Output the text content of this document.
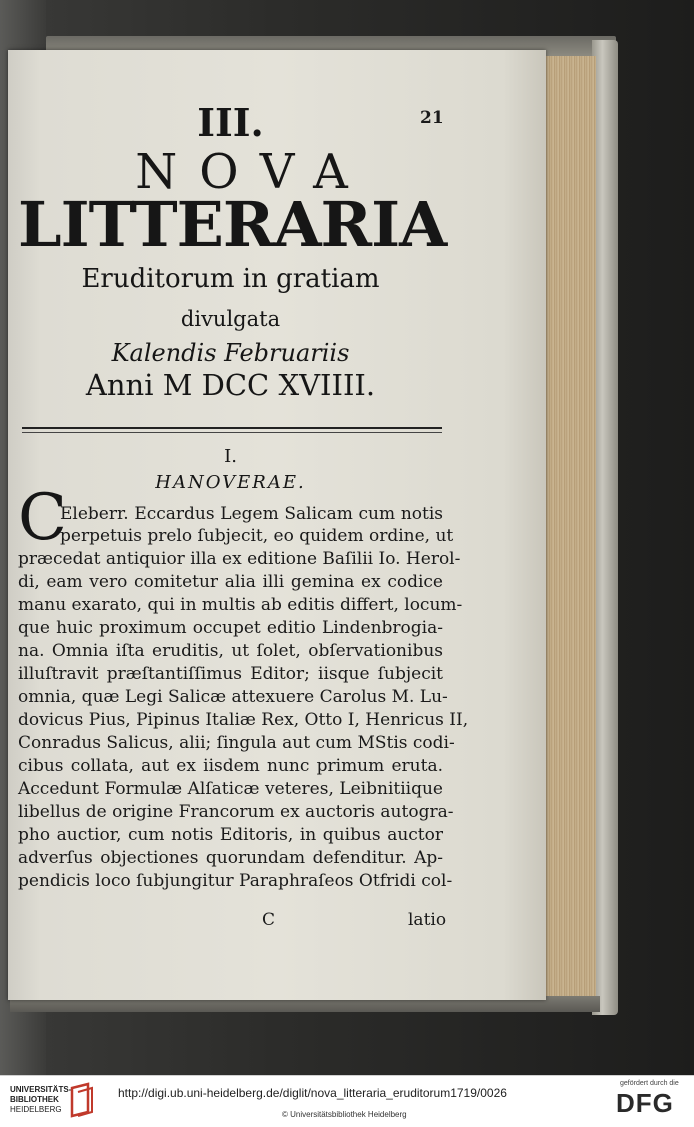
21
III.
NOVA
LITTERARIA
Eruditorum in gratiam
divulgata
Kalendis Februariis
Anni M DCC XVIIII.
I.
HANOVERAE.
C
Eleberr. Eccardus Legem Salicam cum notis
perpetuis prelo ſubjecit, eo quidem ordine, ut
præcedat antiquior illa ex editione Baſilii Io. Herol-
di, eam vero comitetur alia illi gemina ex codice
manu exarato, qui in multis ab editis differt, locum-
que huic proximum occupet editio Lindenbrogia-
na. Omnia iſta eruditis, ut ſolet, obſervationibus
illuſtravit præſtantiſſimus Editor; iisque ſubjecit
omnia, quæ Legi Salicæ attexuere Carolus M. Lu-
dovicus Pius, Pipinus Italiæ Rex, Otto I, Henricus II,
Conradus Salicus, alii; ſingula aut cum MStis codi-
cibus collata, aut ex iisdem nunc primum eruta.
Accedunt Formulæ Alſaticæ veteres, Leibnitiique
libellus de origine Francorum ex auctoris autogra-
pho auctior, cum notis Editoris, in quibus auctor
adverſus objectiones quorundam defenditur. Ap-
pendicis loco ſubjungitur Paraphraſeos Otfridi col-
C	latio
UNIVERSITÄTS-
BIBLIOTHEK
HEIDELBERG
http://digi.ub.uni-heidelberg.de/diglit/nova_litteraria_eruditorum1719/0026
© Universitätsbibliothek Heidelberg
gefördert durch die
DFG
